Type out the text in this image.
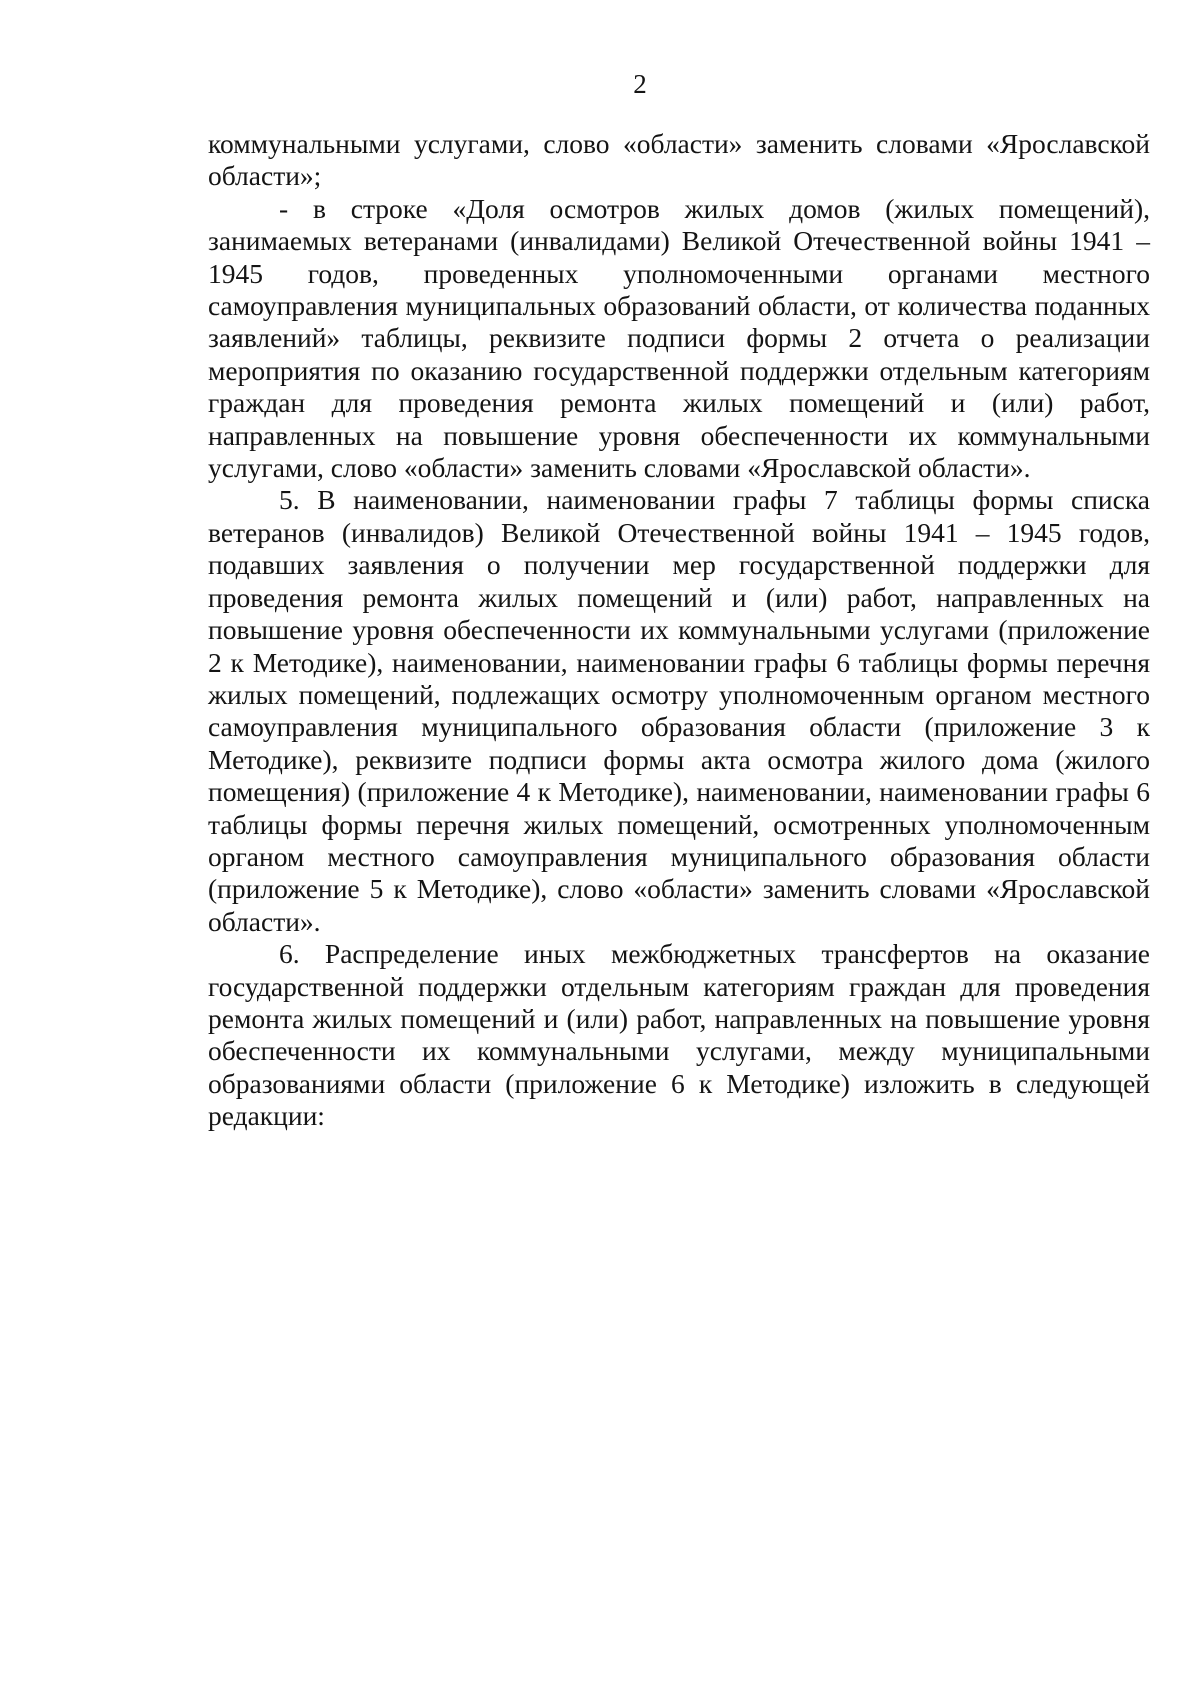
2

коммунальными услугами, слово «области» заменить словами «Ярославской области»;

- в строке «Доля осмотров жилых домов (жилых помещений), занимаемых ветеранами (инвалидами) Великой Отечественной войны 1941 – 1945 годов, проведенных уполномоченными органами местного самоуправления муниципальных образований области, от количества поданных заявлений» таблицы, реквизите подписи формы 2 отчета о реализации мероприятия по оказанию государственной поддержки отдельным категориям граждан для проведения ремонта жилых помещений и (или) работ, направленных на повышение уровня обеспеченности их коммунальными услугами, слово «области» заменить словами «Ярославской области».

5. В наименовании, наименовании графы 7 таблицы формы списка ветеранов (инвалидов) Великой Отечественной войны 1941 – 1945 годов, подавших заявления о получении мер государственной поддержки для проведения ремонта жилых помещений и (или) работ, направленных на повышение уровня обеспеченности их коммунальными услугами (приложение 2 к Методике), наименовании, наименовании графы 6 таблицы формы перечня жилых помещений, подлежащих осмотру уполномоченным органом местного самоуправления муниципального образования области (приложение 3 к Методике), реквизите подписи формы акта осмотра жилого дома (жилого помещения) (приложение 4 к Методике), наименовании, наименовании графы 6 таблицы формы перечня жилых помещений, осмотренных уполномоченным органом местного самоуправления муниципального образования области (приложение 5 к Методике), слово «области» заменить словами «Ярославской области».

6. Распределение иных межбюджетных трансфертов на оказание государственной поддержки отдельным категориям граждан для проведения ремонта жилых помещений и (или) работ, направленных на повышение уровня обеспеченности их коммунальными услугами, между муниципальными образованиями области (приложение 6 к Методике) изложить в следующей редакции:
